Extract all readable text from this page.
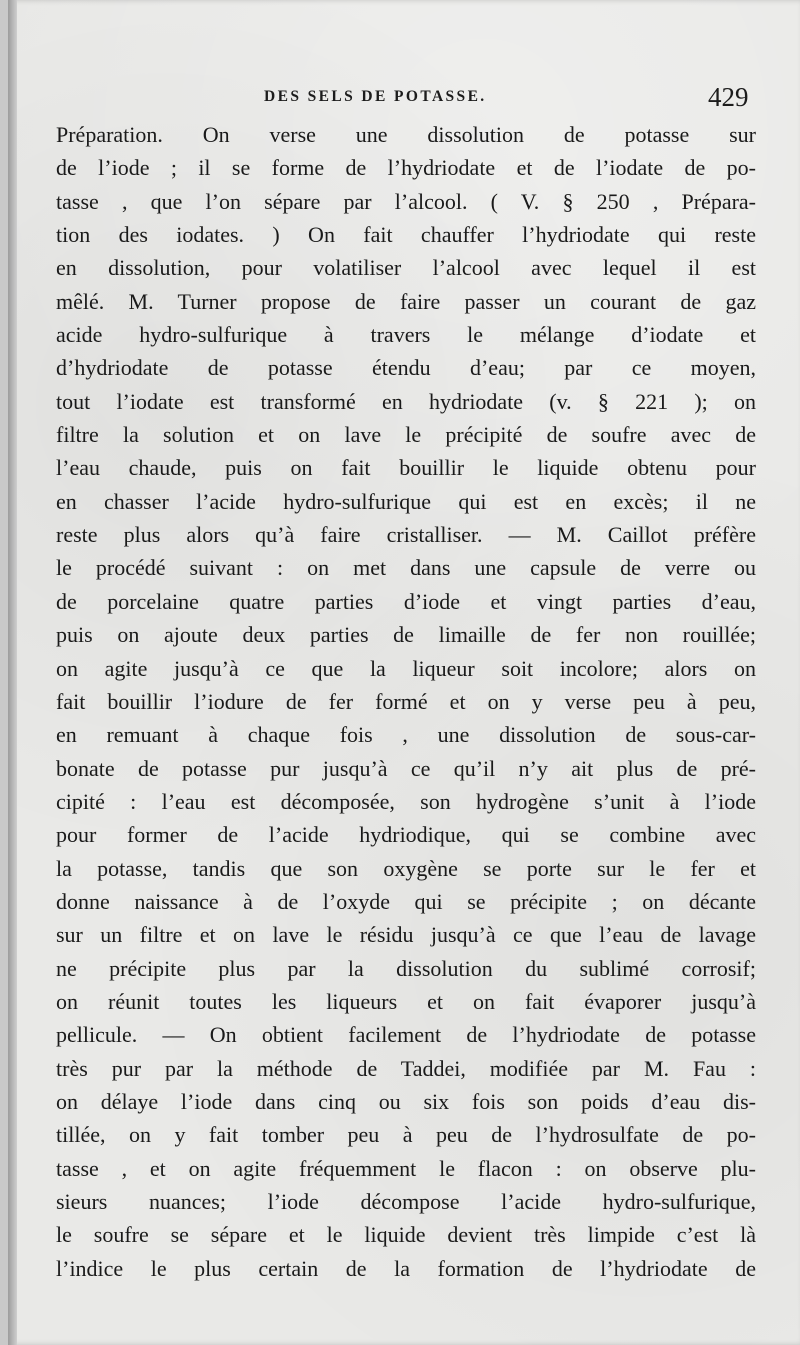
DES SELS DE POTASSE.	429
Préparation. On verse une dissolution de potasse sur
de l’iode ; il se forme de l’hydriodate et de l’iodate de po-
tasse , que l’on sépare par l’alcool. ( V. § 250 , Prépara-
tion des iodates. ) On fait chauffer l’hydriodate qui reste
en dissolution, pour volatiliser l’alcool avec lequel il est
mêlé. M. Turner propose de faire passer un courant de gaz
acide hydro-sulfurique à travers le mélange d’iodate et
d’hydriodate de potasse étendu d’eau; par ce moyen,
tout l’iodate est transformé en hydriodate (v. § 221 ); on
filtre la solution et on lave le précipité de soufre avec de
l’eau chaude, puis on fait bouillir le liquide obtenu pour
en chasser l’acide hydro-sulfurique qui est en excès; il ne
reste plus alors qu’à faire cristalliser. — M. Caillot préfère
le procédé suivant : on met dans une capsule de verre ou
de porcelaine quatre parties d’iode et vingt parties d’eau,
puis on ajoute deux parties de limaille de fer non rouillée;
on agite jusqu’à ce que la liqueur soit incolore; alors on
fait bouillir l’iodure de fer formé et on y verse peu à peu,
en remuant à chaque fois , une dissolution de sous-car-
bonate de potasse pur jusqu’à ce qu’il n’y ait plus de pré-
cipité : l’eau est décomposée, son hydrogène s’unit à l’iode
pour former de l’acide hydriodique, qui se combine avec
la potasse, tandis que son oxygène se porte sur le fer et
donne naissance à de l’oxyde qui se précipite ; on décante
sur un filtre et on lave le résidu jusqu’à ce que l’eau de lavage
ne précipite plus par la dissolution du sublimé corrosif;
on réunit toutes les liqueurs et on fait évaporer jusqu’à
pellicule. — On obtient facilement de l’hydriodate de potasse
très pur par la méthode de Taddei, modifiée par M. Fau :
on délaye l’iode dans cinq ou six fois son poids d’eau dis-
tillée, on y fait tomber peu à peu de l’hydrosulfate de po-
tasse , et on agite fréquemment le flacon : on observe plu-
sieurs nuances; l’iode décompose l’acide hydro-sulfurique,
le soufre se sépare et le liquide devient très limpide c’est là
l’indice le plus certain de la formation de l’hydriodate de
